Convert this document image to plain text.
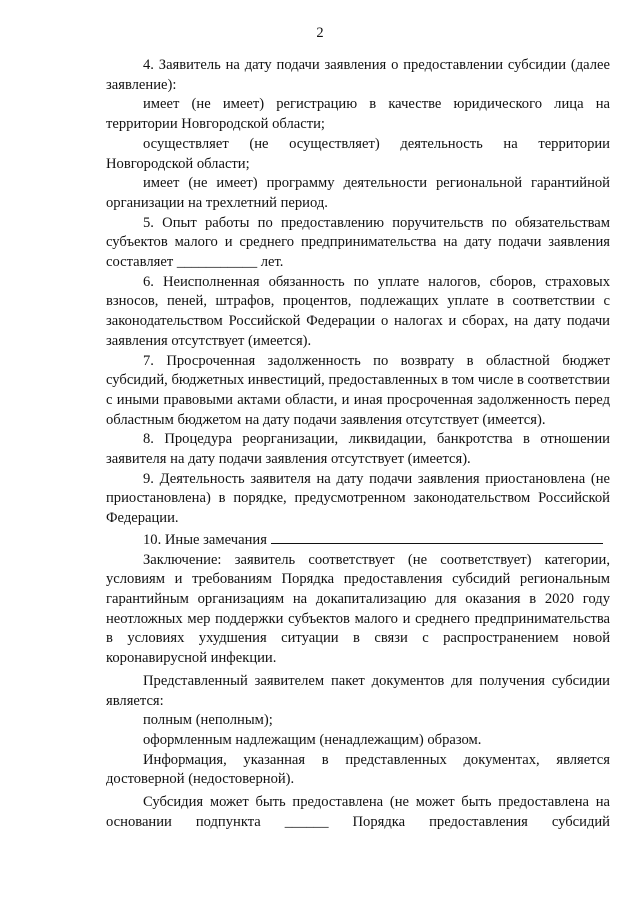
2

4. Заявитель на дату подачи заявления о предоставлении субсидии (далее заявление):

имеет (не имеет) регистрацию в качестве юридического лица на территории Новгородской области;

осуществляет (не осуществляет) деятельность на территории Новгородской области;

имеет (не имеет) программу деятельности региональной гарантийной организации на трехлетний период.

5. Опыт работы по предоставлению поручительств по обязательствам субъектов малого и среднего предпринимательства на дату подачи заявления составляет ___________ лет.

6. Неисполненная обязанность по уплате налогов, сборов, страховых взносов, пеней, штрафов, процентов, подлежащих уплате в соответствии с законодательством Российской Федерации о налогах и сборах, на дату подачи заявления отсутствует (имеется).

7. Просроченная задолженность по возврату в областной бюджет субсидий, бюджетных инвестиций, предоставленных в том числе в соответствии с иными правовыми актами области, и иная просроченная задолженность перед областным бюджетом на дату подачи заявления отсутствует (имеется).

8. Процедура реорганизации, ликвидации, банкротства в отношении заявителя на дату подачи заявления отсутствует (имеется).

9. Деятельность заявителя на дату подачи заявления приостановлена (не приостановлена) в порядке, предусмотренном законодательством Российской Федерации.

10. Иные замечания

Заключение: заявитель соответствует (не соответствует) категории, условиям и требованиям Порядка предоставления субсидий региональным гарантийным организациям на докапитализацию для оказания в 2020 году неотложных мер поддержки субъектов малого и среднего предпринимательства в условиях ухудшения ситуации в связи с распространением новой коронавирусной инфекции.

Представленный заявителем пакет документов для получения субсидии является:

полным (неполным);

оформленным надлежащим (ненадлежащим) образом.

Информация, указанная в представленных документах, является достоверной (недостоверной).

Субсидия может быть предоставлена (не может быть предоставлена на основании подпункта ______ Порядка предоставления субсидий
